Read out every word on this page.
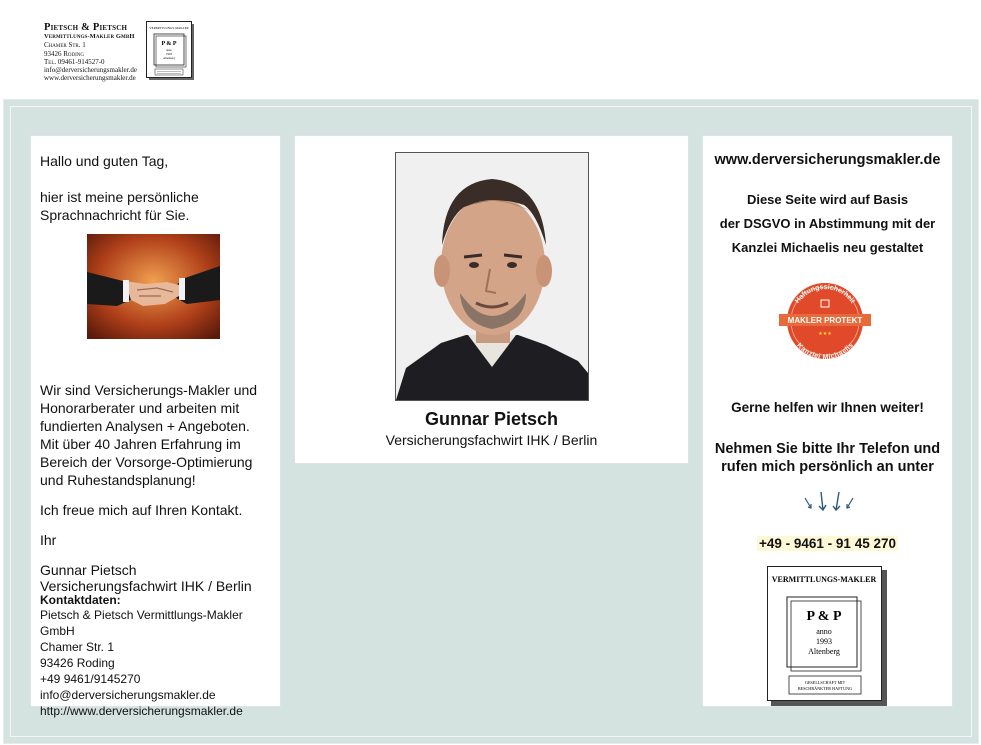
Pietsch & Pietsch
Vermittlungs-Makler GmbH
Chamer Str. 1
93426 Roding
Tel. 09461-914527-0
info@derversicherungsmakler.de
www.derversicherungsmakler.de
VERMITTLUNGS-MAKLER
P & P
anno
1993
Altenberg

Hallo und guten Tag,

hier ist meine persönliche Sprachnachricht für Sie.

Wir sind Versicherungs-Makler und Honorarberater und arbeiten mit fundierten Analysen + Angeboten. Mit über 40 Jahren Erfahrung im Bereich der Vorsorge-Optimierung und Ruhestandsplanung!

Ich freue mich auf Ihren Kontakt.

Ihr

Gunnar Pietsch

Versicherungsfachwirt IHK / Berlin

Kontaktdaten:
Pietsch & Pietsch Vermittlungs-Makler GmbH
Chamer Str. 1
93426 Roding
+49 9461/9145270
info@derversicherungsmakler.de
http://www.derversicherungsmakler.de
Gunnar Pietsch
Versicherungsfachwirt IHK / Berlin
www.derversicherungsmakler.de
Diese Seite wird auf Basis
der DSGVO in Abstimmung mit der
Kanzlei Michaelis neu gestaltet
Haftungssicherheit
MAKLER PROTEKT
Kanzlei Michaelis
★★★
Gerne helfen wir Ihnen weiter!
Nehmen Sie bitte Ihr Telefon und
rufen mich persönlich an unter
+49 - 9461 - 91 45 270
VERMITTLUNGS-MAKLER
P & P
anno
1993
Altenberg
GESELLSCHAFT MIT
BESCHRÄNKTER HAFTUNG
